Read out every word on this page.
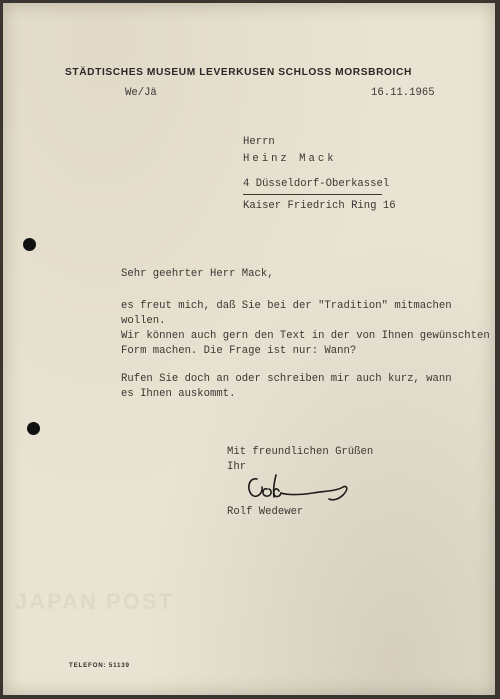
JAPAN POST
STÄDTISCHES MUSEUM LEVERKUSEN SCHLOSS MORSBROICH
We/Jä	16.11.1965
Herrn
Heinz Mack
4 Düsseldorf-Oberkassel
Kaiser Friedrich Ring 16
Sehr geehrter Herr Mack,
es freut mich, daß Sie bei der "Tradition" mitmachen
wollen.
Wir können auch gern den Text in der von Ihnen gewünschten
Form machen. Die Frage ist nur: Wann?
Rufen Sie doch an oder schreiben mir auch kurz, wann
es Ihnen auskommt.
Mit freundlichen Grüßen
Ihr
Rolf Wedewer
TELEFON: 51139
